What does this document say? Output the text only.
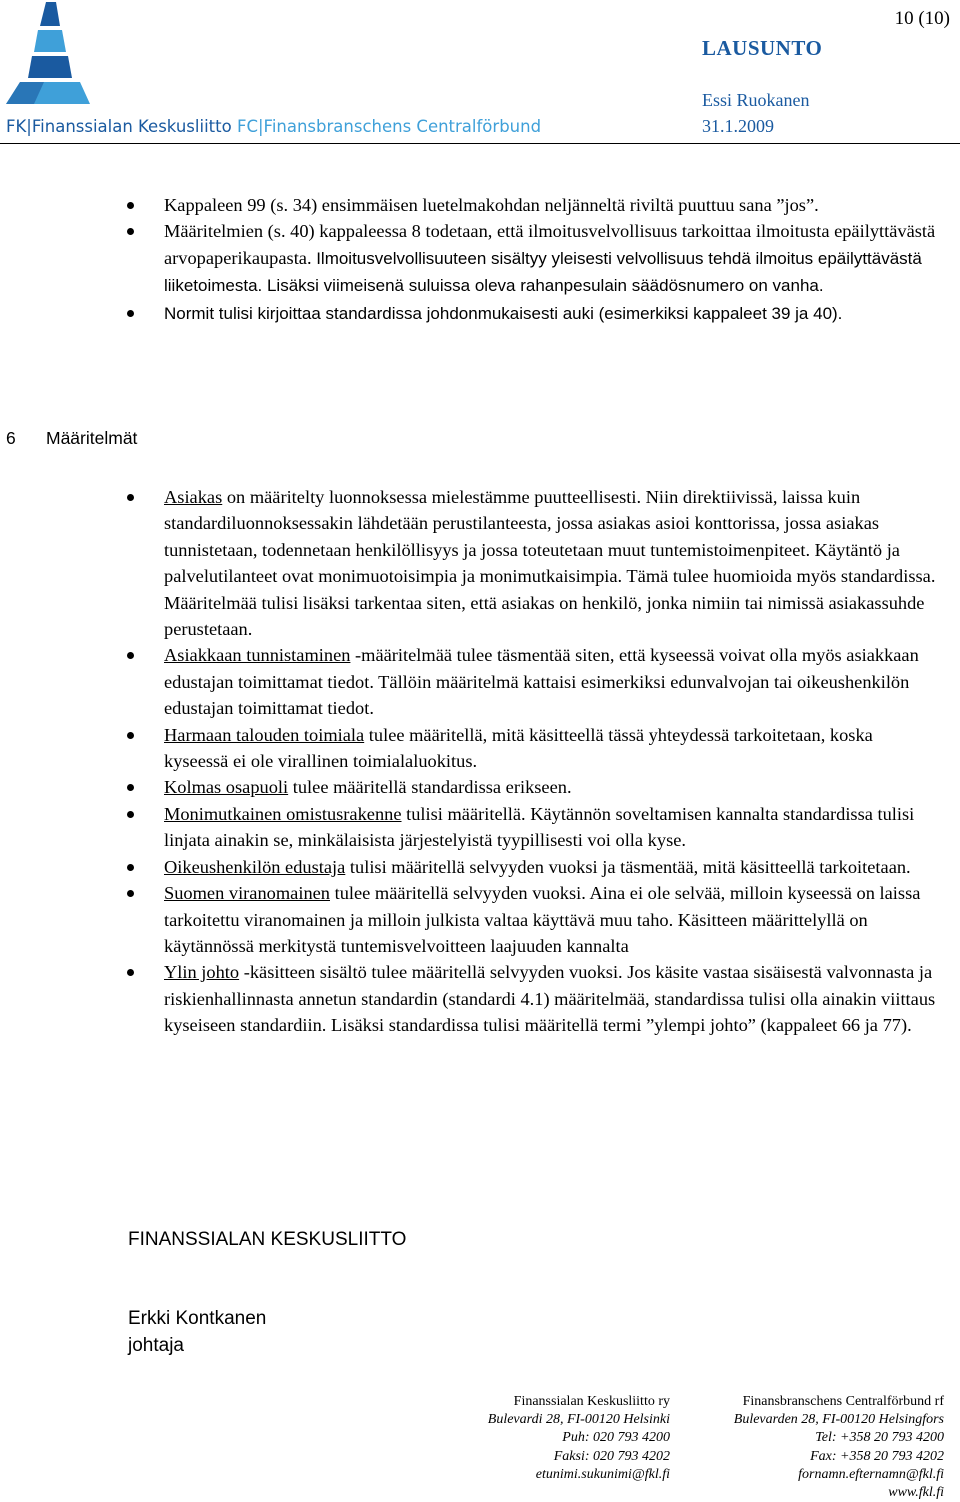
10 (10)
LAUSUNTO
Essi Ruokanen
31.1.2009
FK|Finanssialan Keskusliitto FC|Finansbranschens Centralförbund
Kappaleen 99 (s. 34) ensimmäisen luetelmakohdan neljänneltä riviltä puuttuu sana ”jos”.
Määritelmien (s. 40) kappaleessa 8 todetaan, että ilmoitusvelvollisuus tarkoittaa ilmoitusta epäilyttävästä arvopaperikaupasta. Ilmoitusvelvollisuuteen sisältyy yleisesti velvollisuus tehdä ilmoitus epäilyttävästä liiketoimesta. Lisäksi viimeisenä suluissa oleva rahanpesulain säädösnumero on vanha.
Normit tulisi kirjoittaa standardissa johdonmukaisesti auki (esimerkiksi kappaleet 39 ja 40).
6 Määritelmät
Asiakas on määritelty luonnoksessa mielestämme puutteellisesti. Niin direktiivissä, laissa kuin standardiluonnoksessakin lähdetään perustilanteesta, jossa asiakas asioi konttorissa, jossa asiakas tunnistetaan, todennetaan henkilöllisyys ja jossa toteutetaan muut tuntemistoimenpiteet. Käytäntö ja palvelutilanteet ovat monimuotoisimpia ja monimutkaisimpia. Tämä tulee huomioida myös standardissa. Määritelmää tulisi lisäksi tarkentaa siten, että asiakas on henkilö, jonka nimiin tai nimissä asiakassuhde perustetaan.
Asiakkaan tunnistaminen -määritelmää tulee täsmentää siten, että kyseessä voivat olla myös asiakkaan edustajan toimittamat tiedot. Tällöin määritelmä kattaisi esimerkiksi edunvalvojan tai oikeushenkilön edustajan toimittamat tiedot.
Harmaan talouden toimiala tulee määritellä, mitä käsitteellä tässä yhteydessä tarkoitetaan, koska kyseessä ei ole virallinen toimialaluokitus.
Kolmas osapuoli tulee määritellä standardissa erikseen.
Monimutkainen omistusrakenne tulisi määritellä. Käytännön soveltamisen kannalta standardissa tulisi linjata ainakin se, minkälaisista järjestelyistä tyypillisesti voi olla kyse.
Oikeushenkilön edustaja tulisi määritellä selvyyden vuoksi ja täsmentää, mitä käsitteellä tarkoitetaan.
Suomen viranomainen tulee määritellä selvyyden vuoksi. Aina ei ole selvää, milloin kyseessä on laissa tarkoitettu viranomainen ja milloin julkista valtaa käyttävä muu taho. Käsitteen määrittelyllä on käytännössä merkitystä tuntemisvelvoitteen laajuuden kannalta
Ylin johto -käsitteen sisältö tulee määritellä selvyyden vuoksi. Jos käsite vastaa sisäisestä valvonnasta ja riskienhallinnasta annetun standardin (standardi 4.1) määritelmää, standardissa tulisi olla ainakin viittaus kyseiseen standardiin. Lisäksi standardissa tulisi määritellä termi ”ylempi johto” (kappaleet 66 ja 77).
FINANSSIALAN KESKUSLIITTO
Erkki Kontkanen
johtaja
Finanssialan Keskusliitto ry
Bulevardi 28, FI-00120 Helsinki
Puh: 020 793 4200
Faksi: 020 793 4202
etunimi.sukunimi@fkl.fi
Finansbranschens Centralförbund rf
Bulevarden 28, FI-00120 Helsingfors
Tel: +358 20 793 4200
Fax: +358 20 793 4202
fornamn.efternamn@fkl.fi
www.fkl.fi
